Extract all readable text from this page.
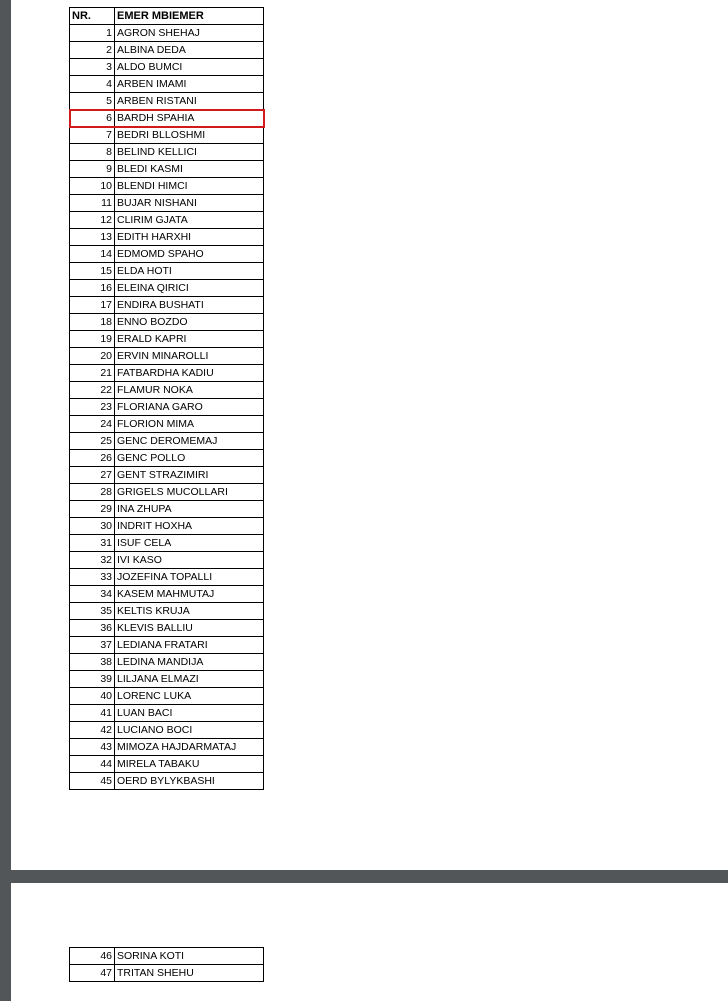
NR.	EMER MBIEMER
1	AGRON SHEHAJ
2	ALBINA DEDA
3	ALDO BUMCI
4	ARBEN IMAMI
5	ARBEN RISTANI
6	BARDH SPAHIA
7	BEDRI BLLOSHMI
8	BELIND KELLICI
9	BLEDI KASMI
10	BLENDI HIMCI
11	BUJAR NISHANI
12	CLIRIM GJATA
13	EDITH HARXHI
14	EDMOMD SPAHO
15	ELDA HOTI
16	ELEINA QIRICI
17	ENDIRA BUSHATI
18	ENNO BOZDO
19	ERALD KAPRI
20	ERVIN MINAROLLI
21	FATBARDHA KADIU
22	FLAMUR NOKA
23	FLORIANA GARO
24	FLORION MIMA
25	GENC DEROMEMAJ
26	GENC POLLO
27	GENT STRAZIMIRI
28	GRIGELS MUCOLLARI
29	INA ZHUPA
30	INDRIT HOXHA
31	ISUF CELA
32	IVI KASO
33	JOZEFINA TOPALLI
34	KASEM MAHMUTAJ
35	KELTIS KRUJA
36	KLEVIS BALLIU
37	LEDIANA FRATARI
38	LEDINA MANDIJA
39	LILJANA ELMAZI
40	LORENC LUKA
41	LUAN BACI
42	LUCIANO BOCI
43	MIMOZA HAJDARMATAJ
44	MIRELA TABAKU
45	OERD BYLYKBASHI
46	SORINA KOTI
47	TRITAN SHEHU
